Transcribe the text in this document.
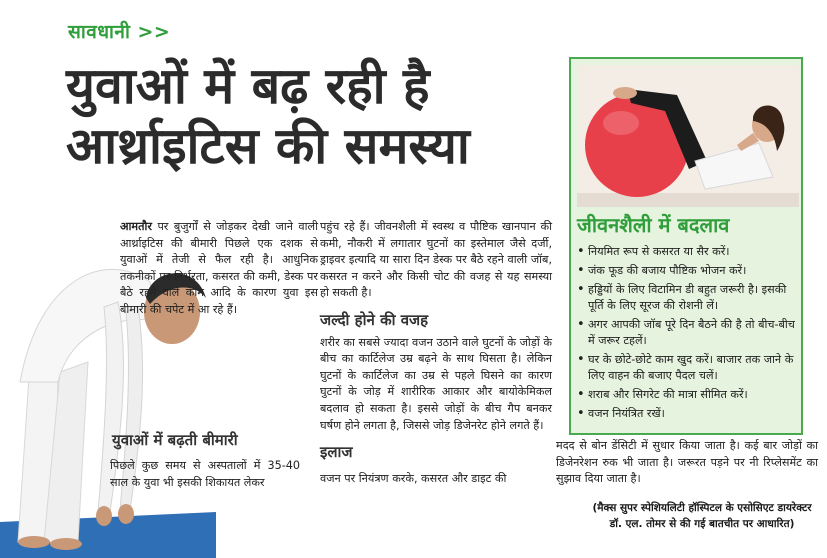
सावधानी >>
युवाओं में बढ़ रही है
आर्थ्राइटिस की समस्या

आमतौर पर बुजुर्गों से जोड़कर देखी जाने वाली आर्थ्राइटिस की बीमारी पिछले एक दशक से युवाओं में तेजी से फैल रही है। आधुनिक तकनीकों पर निर्भरता, कसरत की कमी, डेस्क पर बैठे रहने वाले काम आदि के कारण युवा इस बीमारी की चपेट में आ रहे हैं।

युवाओं में बढ़ती बीमारी

पिछले कुछ समय से अस्पतालों में 35-40 साल के युवा भी इसकी शिकायत लेकर

पहुंच रहे हैं। जीवनशैली में स्वस्थ व पौष्टिक खानपान की कमी, नौकरी में लगातार घुटनों का इस्तेमाल जैसे दर्जी, ड्राइवर इत्यादि या सारा दिन डेस्क पर बैठे रहने वाली जॉब, कसरत न करने और किसी चोट की वजह से यह समस्या हो सकती है।

जल्दी होने की वजह

शरीर का सबसे ज्यादा वजन उठाने वाले घुटनों के जोड़ों के बीच का कार्टिलेज उम्र बढ़ने के साथ घिसता है। लेकिन घुटनों के कार्टिलेज का उम्र से पहले घिसने का कारण घुटनों के जोड़ में शारीरिक आकार और बायोकेमिकल बदलाव हो सकता है। इससे जोड़ों के बीच गैप बनकर घर्षण होने लगता है, जिससे जोड़ डिजेनरेट होने लगते हैं।

इलाज

वजन पर नियंत्रण करके, कसरत और डाइट की

जीवनशैली में बदलाव
• नियमित रूप से कसरत या सैर करें।
• जंक फूड की बजाय पौष्टिक भोजन करें।
• हड्डियों के लिए विटामिन डी बहुत जरूरी है। इसकी पूर्ति के लिए सूरज की रोशनी लें।
• अगर आपकी जॉब पूरे दिन बैठने की है तो बीच-बीच में जरूर टहलें।
• घर के छोटे-छोटे काम खुद करें। बाजार तक जाने के लिए वाहन की बजाए पैदल चलें।
• शराब और सिगरेट की मात्रा सीमित करें।
• वजन नियंत्रित रखें।

मदद से बोन डेंसिटी में सुधार किया जाता है। कई बार जोड़ों का डिजेनरेशन रुक भी जाता है। जरूरत पड़ने पर नी रिप्लेसमेंट का सुझाव दिया जाता है।

(मैक्स सुपर स्पेशियलिटी हॉस्पिटल के एसोसिएट डायरेक्टर डॉ. एल. तोमर से की गई बातचीत पर आधारित)
